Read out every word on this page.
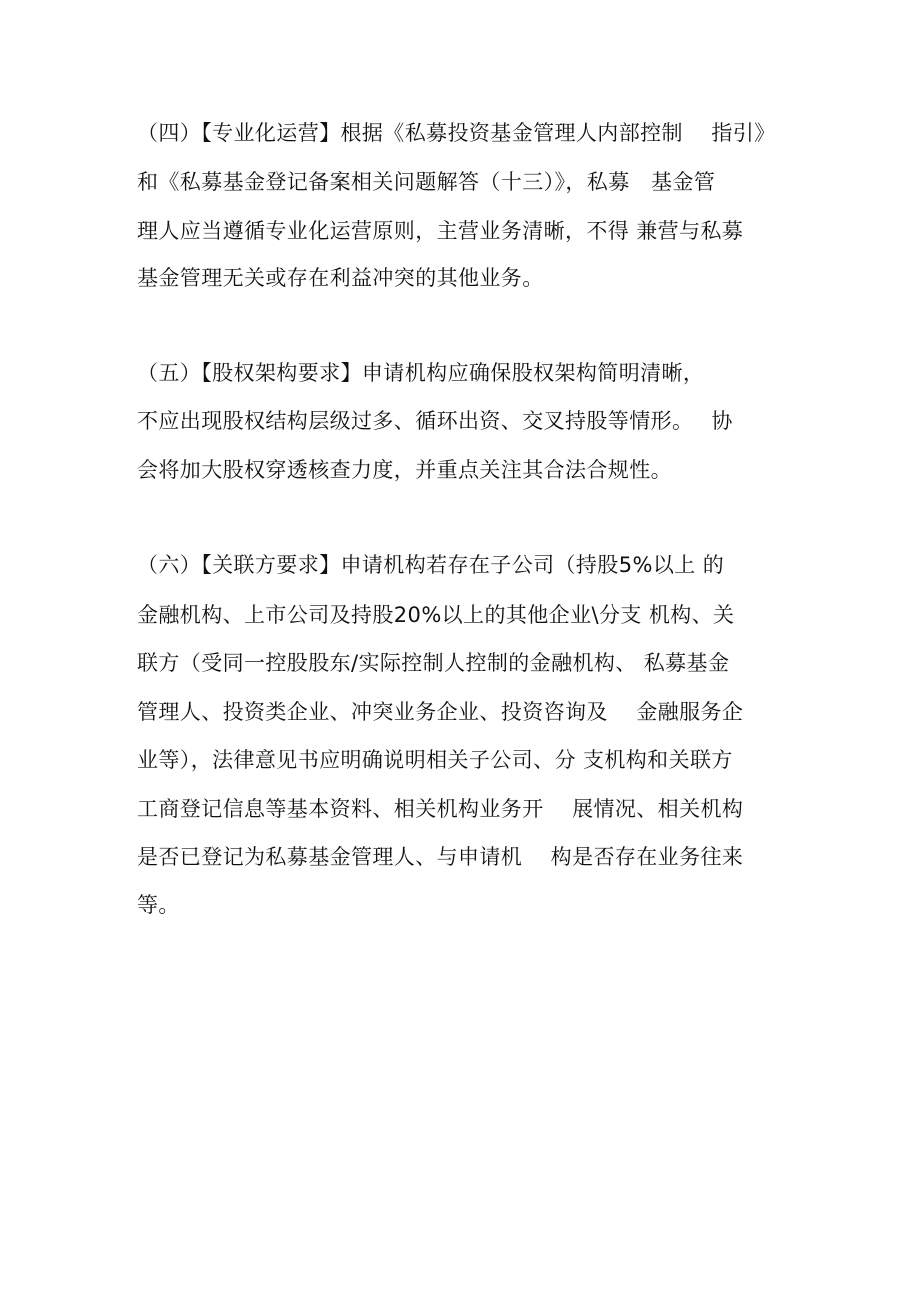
（四）【专业化运营】根据《私募投资基金管理人内部控制　 指引》
和《私募基金登记备案相关问题解答（十三）》，私募　基金管
理人应当遵循专业化运营原则，主营业务清晰，不得 兼营与私募
基金管理无关或存在利益冲突的其他业务。
（五）【股权架构要求】申请机构应确保股权架构简明清晰，
不应出现股权结构层级过多、循环出资、交叉持股等情形。　 协
会将加大股权穿透核查力度，并重点关注其合法合规性。
（六）【关联方要求】申请机构若存在子公司（持股5%以上 的
金融机构、上市公司及持股20%以上的其他企业\分支 机构、关
联方（受同一控股股东/实际控制人控制的金融机构、 私募基金
管理人、投资类企业、冲突业务企业、投资咨询及　 金融服务企
业等），法律意见书应明确说明相关子公司、分 支机构和关联方
工商登记信息等基本资料、相关机构业务开　 展情况、相关机构
是否已登记为私募基金管理人、与申请机　 构是否存在业务往来
等。
